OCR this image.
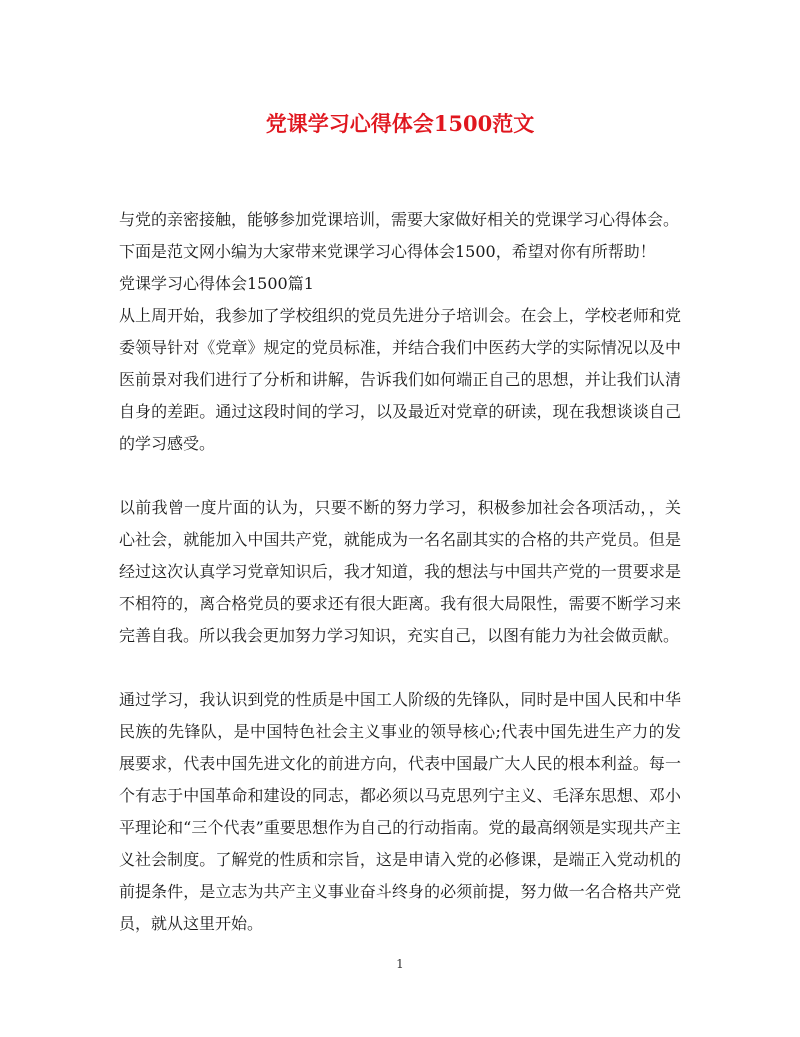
党课学习心得体会1500范文

与党的亲密接触，能够参加党课培训，需要大家做好相关的党课学习心得体会。

下面是范文网小编为大家带来党课学习心得体会1500，希望对你有所帮助！

党课学习心得体会1500篇1

从上周开始，我参加了学校组织的党员先进分子培训会。在会上，学校老师和党委领导针对《党章》规定的党员标准，并结合我们中医药大学的实际情况以及中医前景对我们进行了分析和讲解，告诉我们如何端正自己的思想，并让我们认清自身的差距。通过这段时间的学习，以及最近对党章的研读，现在我想谈谈自己的学习感受。

以前我曾一度片面的认为，只要不断的努力学习，积极参加社会各项活动，，关心社会，就能加入中国共产党，就能成为一名名副其实的合格的共产党员。但是经过这次认真学习党章知识后，我才知道，我的想法与中国共产党的一贯要求是不相符的，离合格党员的要求还有很大距离。我有很大局限性，需要不断学习来完善自我。所以我会更加努力学习知识，充实自己，以图有能力为社会做贡献。

通过学习，我认识到党的性质是中国工人阶级的先锋队，同时是中国人民和中华民族的先锋队，是中国特色社会主义事业的领导核心;代表中国先进生产力的发展要求，代表中国先进文化的前进方向，代表中国最广大人民的根本利益。每一个有志于中国革命和建设的同志，都必须以马克思列宁主义、毛泽东思想、邓小平理论和“三个代表”重要思想作为自己的行动指南。党的最高纲领是实现共产主义社会制度。了解党的性质和宗旨，这是申请入党的必修课，是端正入党动机的前提条件，是立志为共产主义事业奋斗终身的必须前提，努力做一名合格共产党员，就从这里开始。

1
